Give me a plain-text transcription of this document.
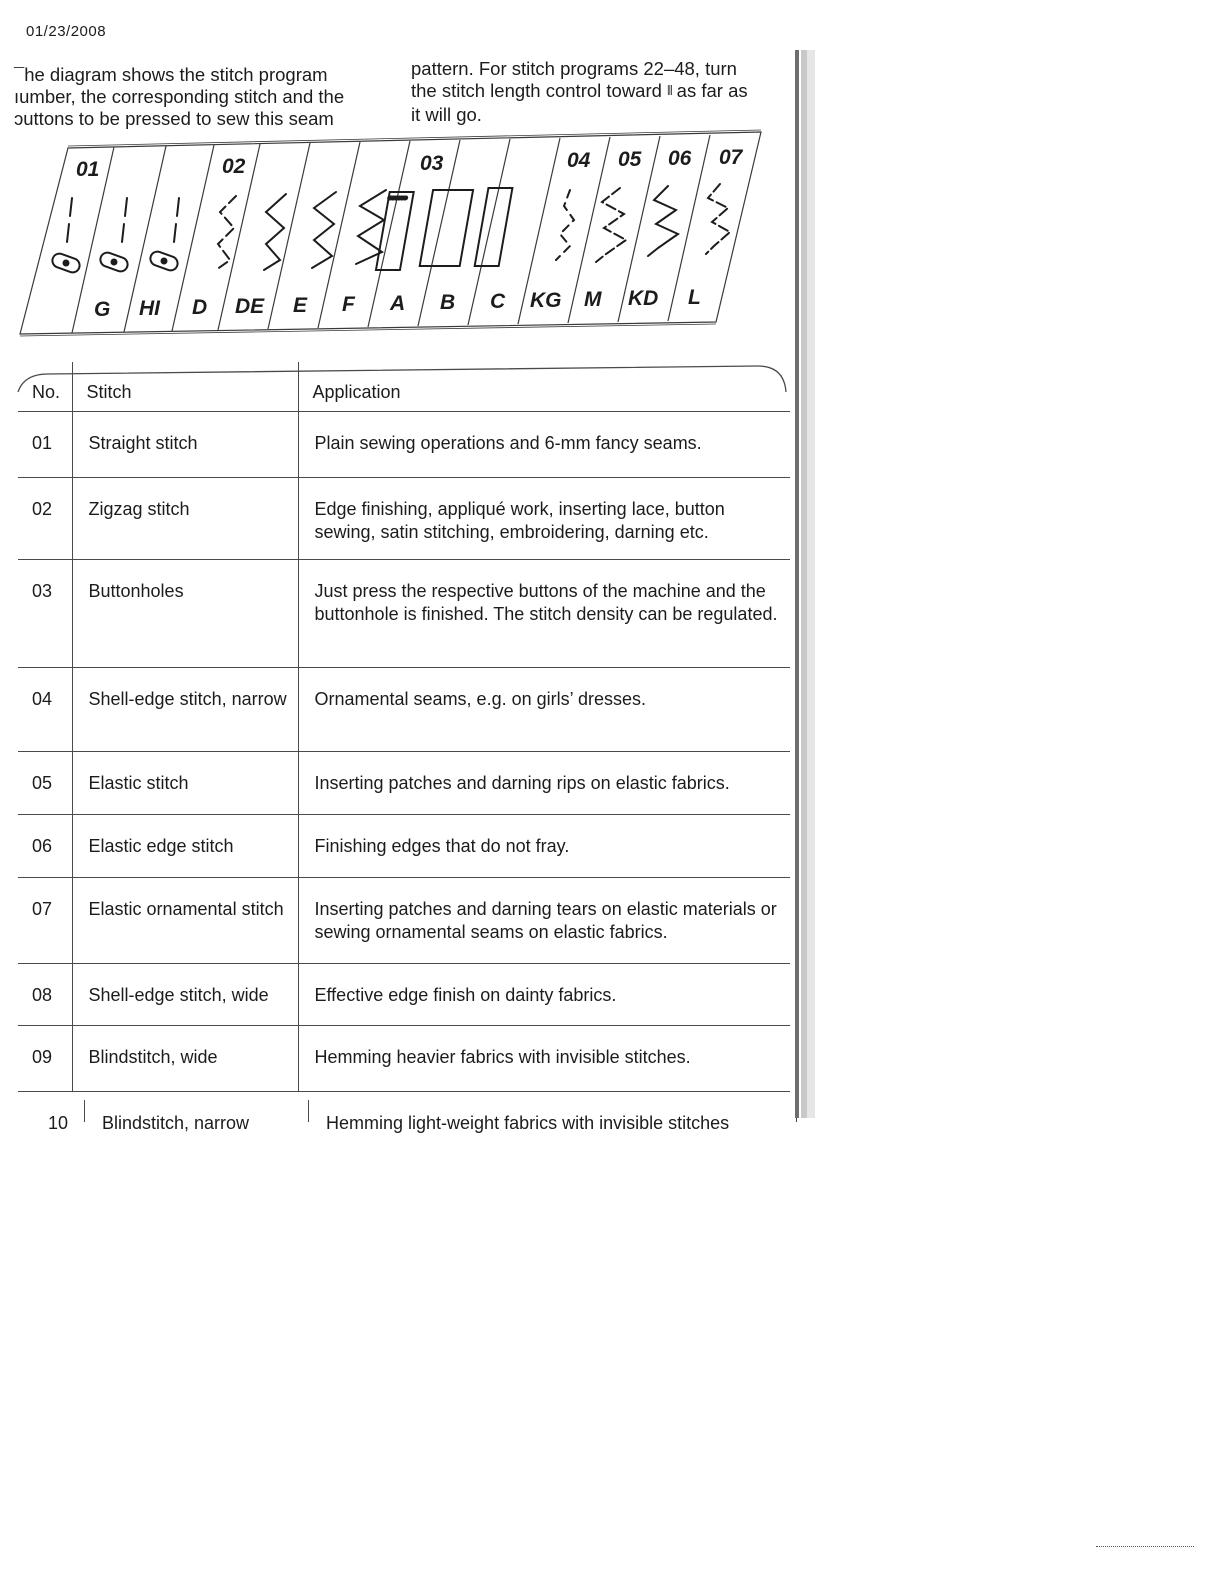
01/23/2008

¯he diagram shows the stitch program

ıumber, the corresponding stitch and the

ɔuttons to be pressed to sew this seam

pattern. For stitch programs 22–48, turn

the stitch length control toward ⫴ as far as

it will go.

01	02	03	04 05 06 07
G HI D DE E F A B C KG M KD L
No.	Stitch	Application
01	Straight stitch	Plain sewing operations and 6-mm fancy seams.
02	Zigzag stitch	Edge finishing, appliqué work, inserting lace, button sewing, satin stitching, embroidering, darning etc.
03	Buttonholes	Just press the respective buttons of the machine and the buttonhole is finished. The stitch density can be regulated.
04	Shell-edge stitch, narrow	Ornamental seams, e.g. on girls’ dresses.
05	Elastic stitch	Inserting patches and darning rips on elastic fabrics.
06	Elastic edge stitch	Finishing edges that do not fray.
07	Elastic ornamental stitch	Inserting patches and darning tears on elastic materials or sewing ornamental seams on elastic fabrics.
08	Shell-edge stitch, wide	Effective edge finish on dainty fabrics.
09	Blindstitch, wide	Hemming heavier fabrics with invisible stitches.
10 Blindstitch, narrow	Hemming light-weight fabrics with invisible stitches
